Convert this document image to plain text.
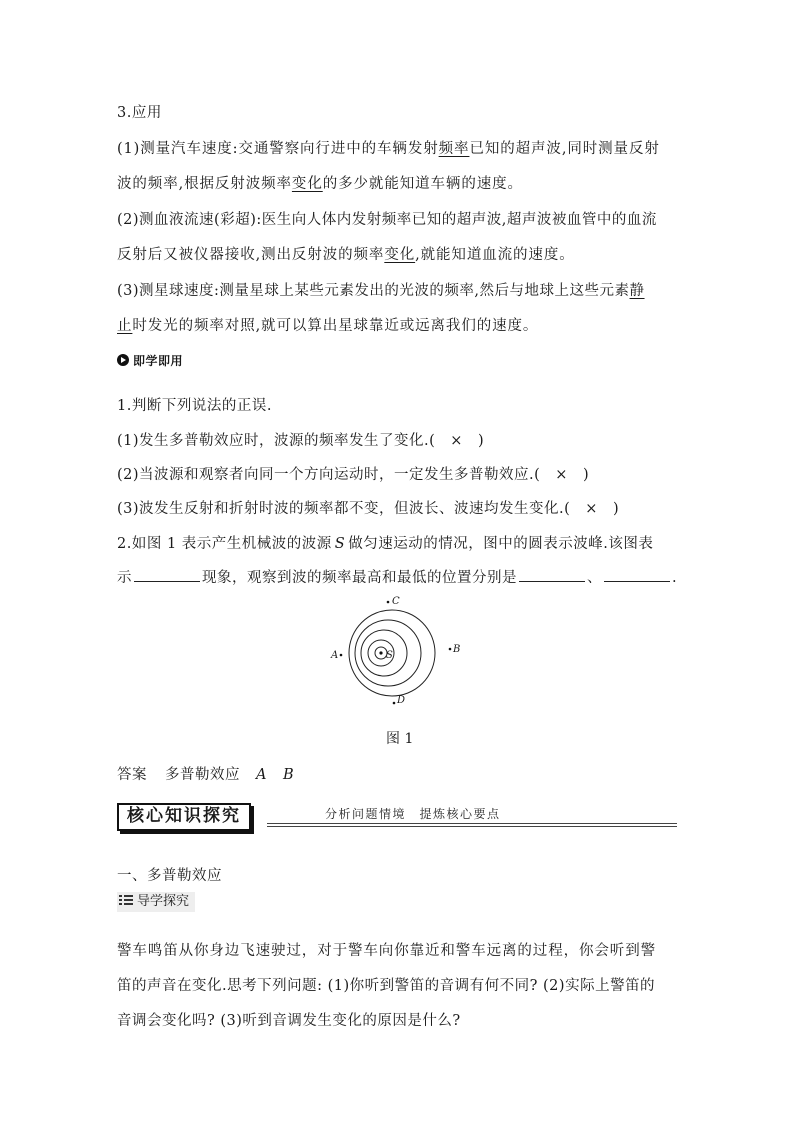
3.应用
(1)测量汽车速度:交通警察向行进中的车辆发射频率已知的超声波,同时测量反射
波的频率,根据反射波频率变化的多少就能知道车辆的速度。
(2)测血液流速(彩超):医生向人体内发射频率已知的超声波,超声波被血管中的血流
反射后又被仪器接收,测出反射波的频率变化,就能知道血流的速度。
(3)测星球速度:测量星球上某些元素发出的光波的频率,然后与地球上这些元素静
止时发光的频率对照,就可以算出星球靠近或远离我们的速度。
即学即用
1.判断下列说法的正误.
(1)发生多普勒效应时，波源的频率发生了变化.(　×　)
(2)当波源和观察者向同一个方向运动时，一定发生多普勒效应.(　×　)
(3)波发生反射和折射时波的频率都不变，但波长、波速均发生变化.(　×　)
2.如图 1 表示产生机械波的波源 S 做匀速运动的情况，图中的圆表示波峰.该图表
示	现象，观察到波的频率最高和最低的位置分别是	、	.
C
A
B
D
S
图 1
答案 多普勒效应 A B
核心知识探究	分析问题情境　提炼核心要点
一、多普勒效应
导学探究
警车鸣笛从你身边飞速驶过，对于警车向你靠近和警车远离的过程，你会听到警
笛的声音在变化.思考下列问题: (1)你听到警笛的音调有何不同? (2)实际上警笛的
音调会变化吗? (3)听到音调发生变化的原因是什么?
